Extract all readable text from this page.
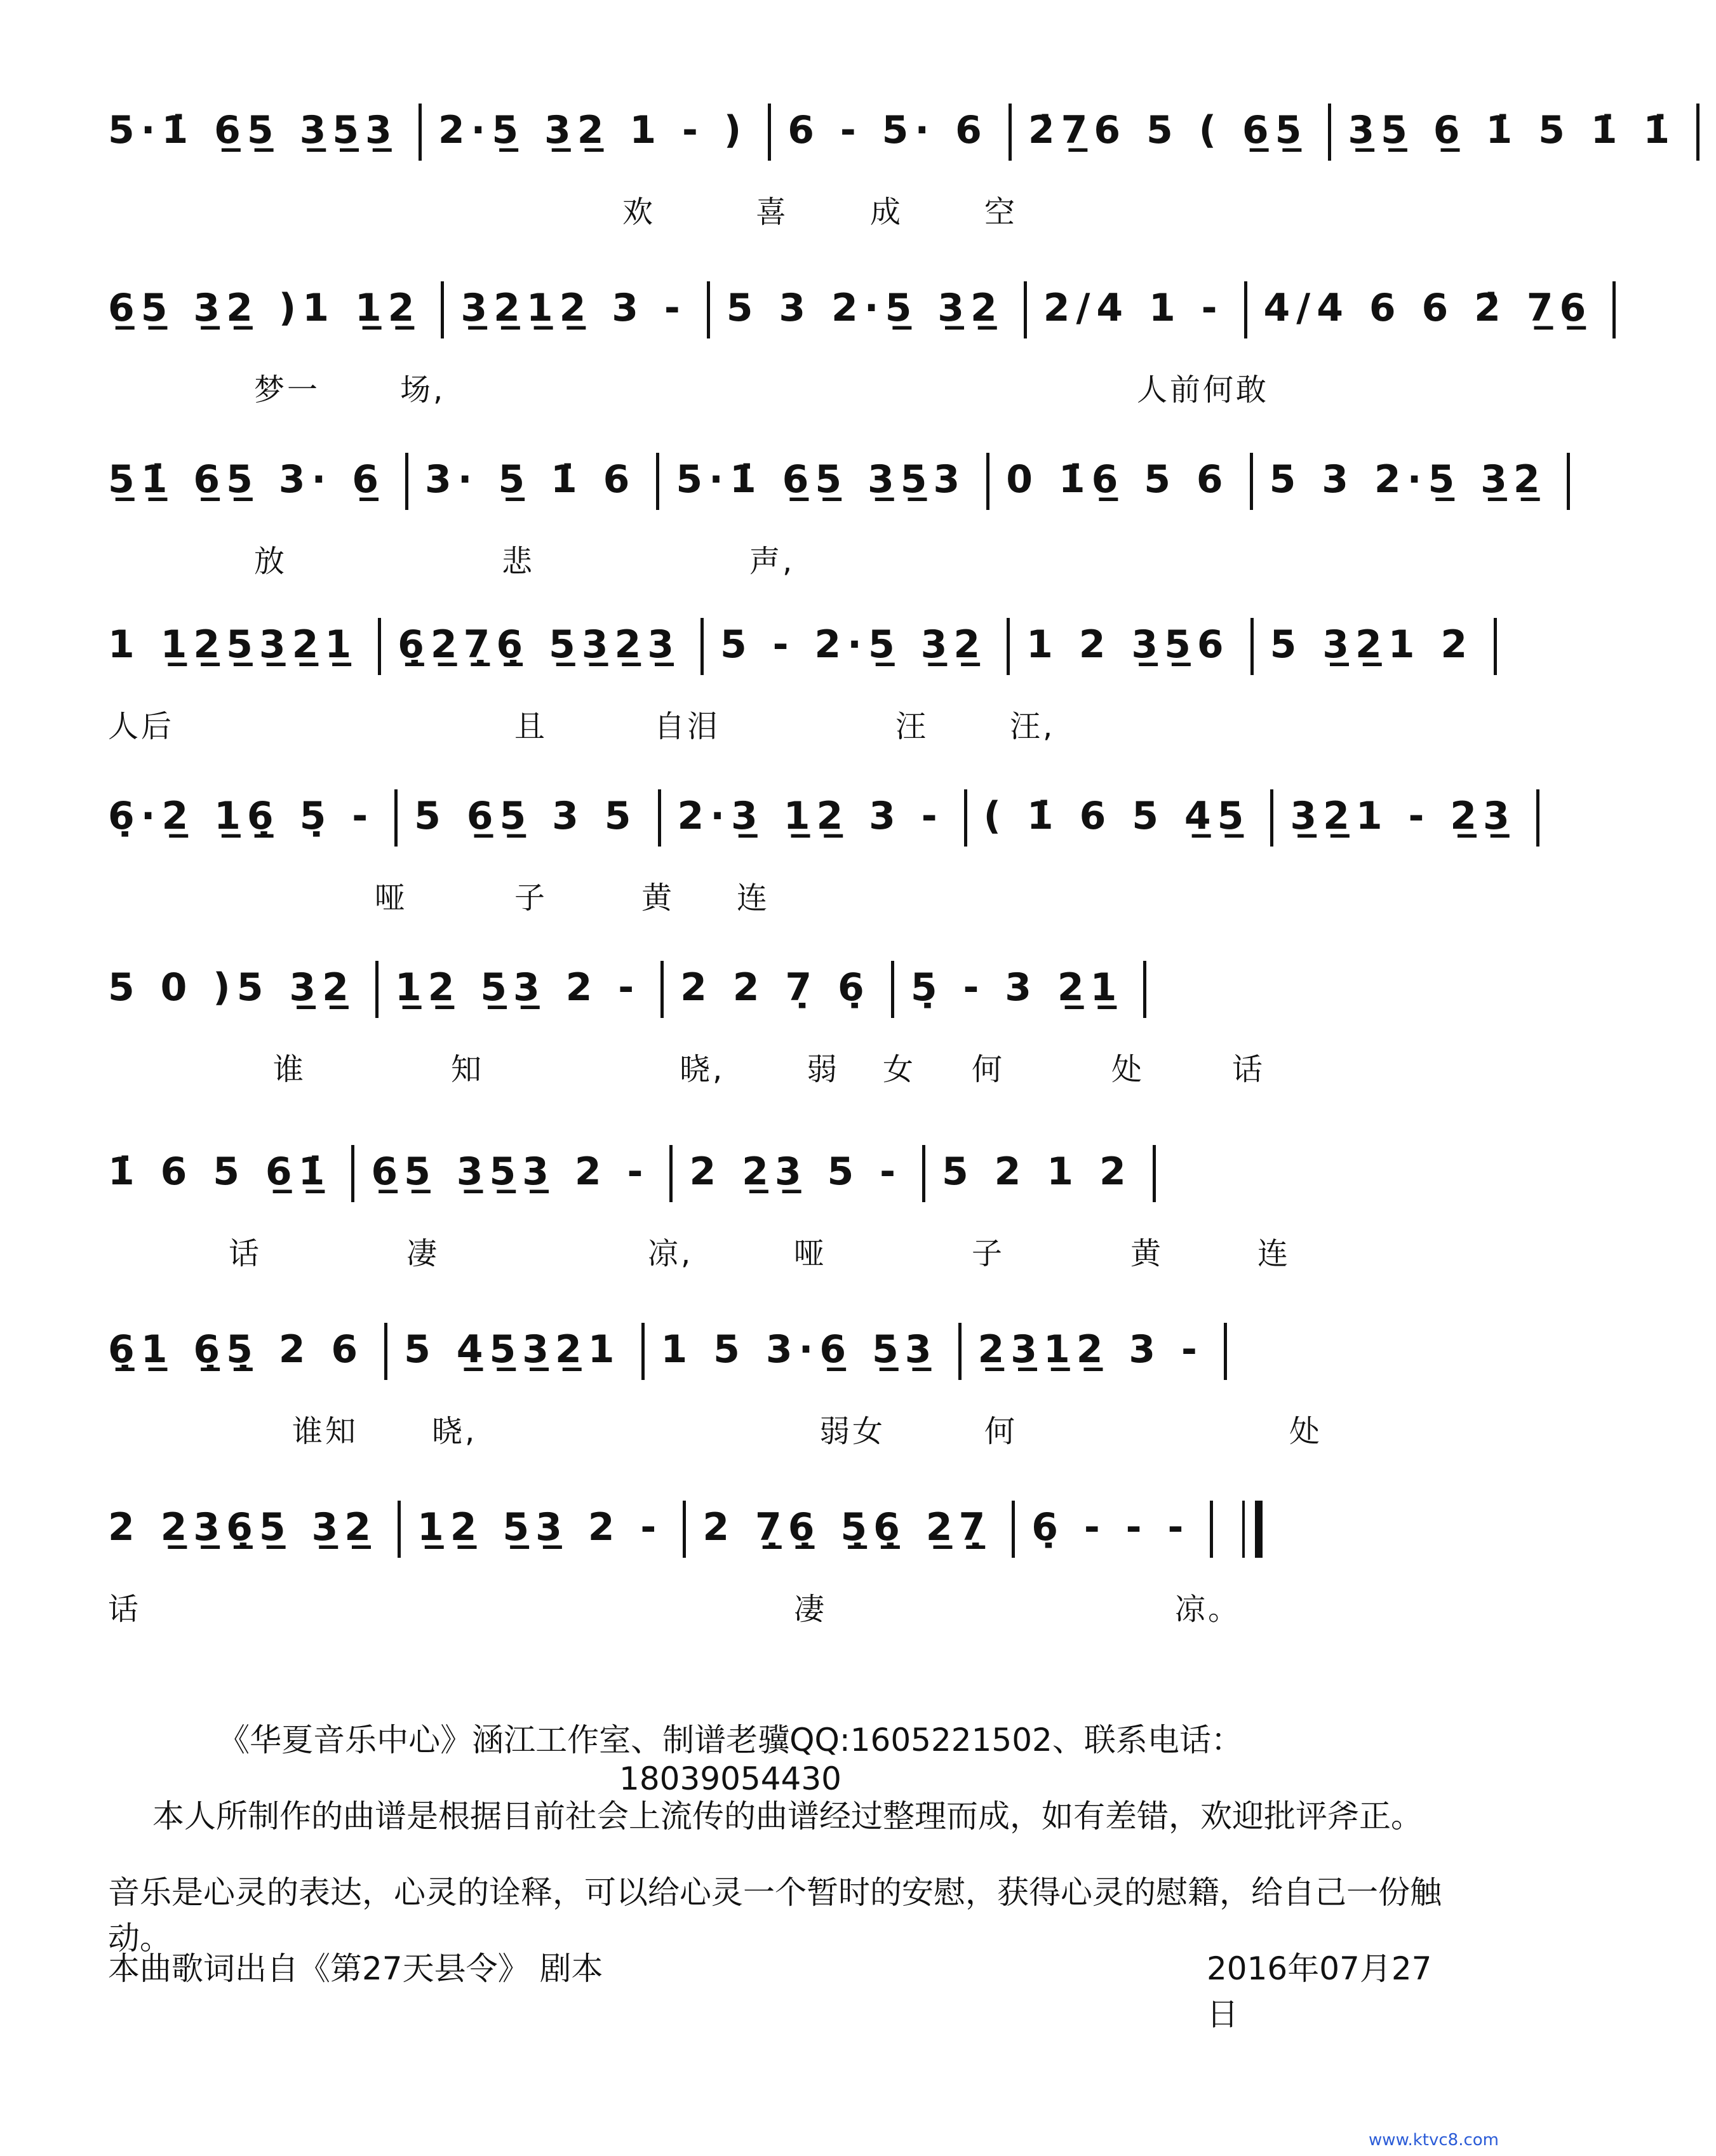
5·1̇ 6̲5̲ 3̲5̲3̲ 2·5̲ 3̲2̲ 1 - ) 6 - 5· 6 2̇7̲6 5 ( 6̲5̲ 3̲5̲ 6̲ 1̇ 5 1̇ 1̇
欢	喜	成	空
6̲5̲ 3̲2̲ )1 1̲2̲ 3̲2̲1̲2̲ 3 - 5 3 2·5̲ 3̲2̲ 2/4 1 - 4/4 6 6 2̇ 7̲6̲
梦一	场,	人前何敢
5̲1̲̇ 6̲5̲ 3· 6̲ 3· 5̲ 1̇ 6 5·1̇ 6̲5̲ 3̲5̲3 0 1̇6̲ 5 6 5 3 2·5̲ 3̲2̲
放	悲	声,
1 1̲2̲5̲3̲2̲1̲ 6̣̲2̲7̣̲6̣̲ 5̲3̲2̲3̲ 5 - 2·5̲ 3̲2̲ 1 2 3̲5̲6 5 3̲2̲1 2
人后	且	自泪	汪	汪,
6̣·2̲ 1̲6̣̲ 5̣ - 5 6̲5̲ 3 5 2·3̲ 1̲2̲ 3 - ( 1̇ 6 5 4̲5̲ 3̲2̲1 - 2̲3̲
哑	子	黄 连
5 0 )5 3̲2̲ 1̲2̲ 5̲3̲ 2 - 2 2 7̣ 6̣ 5̣ - 3 2̲1̲
谁	知	晓,	弱 女 何	处	话
1̇ 6 5 6̲1̲̇ 6̲5̲ 3̲5̲3̲ 2 - 2 2̲3̲ 5 - 5 2 1 2
话	凄	凉,	哑	子	黄	连
6̣̲1̲ 6̣̲5̣̲ 2 6 5 4̲5̲3̲2̲1 1 5 3·6̲ 5̲3̲ 2̲3̲1̲2̲ 3 -
谁知 晓,	弱女	何	处
2 2̲3̲6̣̲5̲ 3̲2̲ 1̲2̲ 5̲3̲ 2 - 2 7̣̲6̣̲ 5̣̲6̣̲ 2̲7̣̲ 6̣ - - -
话	凄	凉。
《华夏音乐中心》涵江工作室、制谱老骥QQ:1605221502、联系电话：18039054430
本人所制作的曲谱是根据目前社会上流传的曲谱经过整理而成，如有差错，欢迎批评斧正。
音乐是心灵的表达，心灵的诠释，可以给心灵一个暂时的安慰，获得心灵的慰籍，给自己一份触动。
本曲歌词出自《第27天县令》 剧本	2016年07月27日
www.ktvc8.com
